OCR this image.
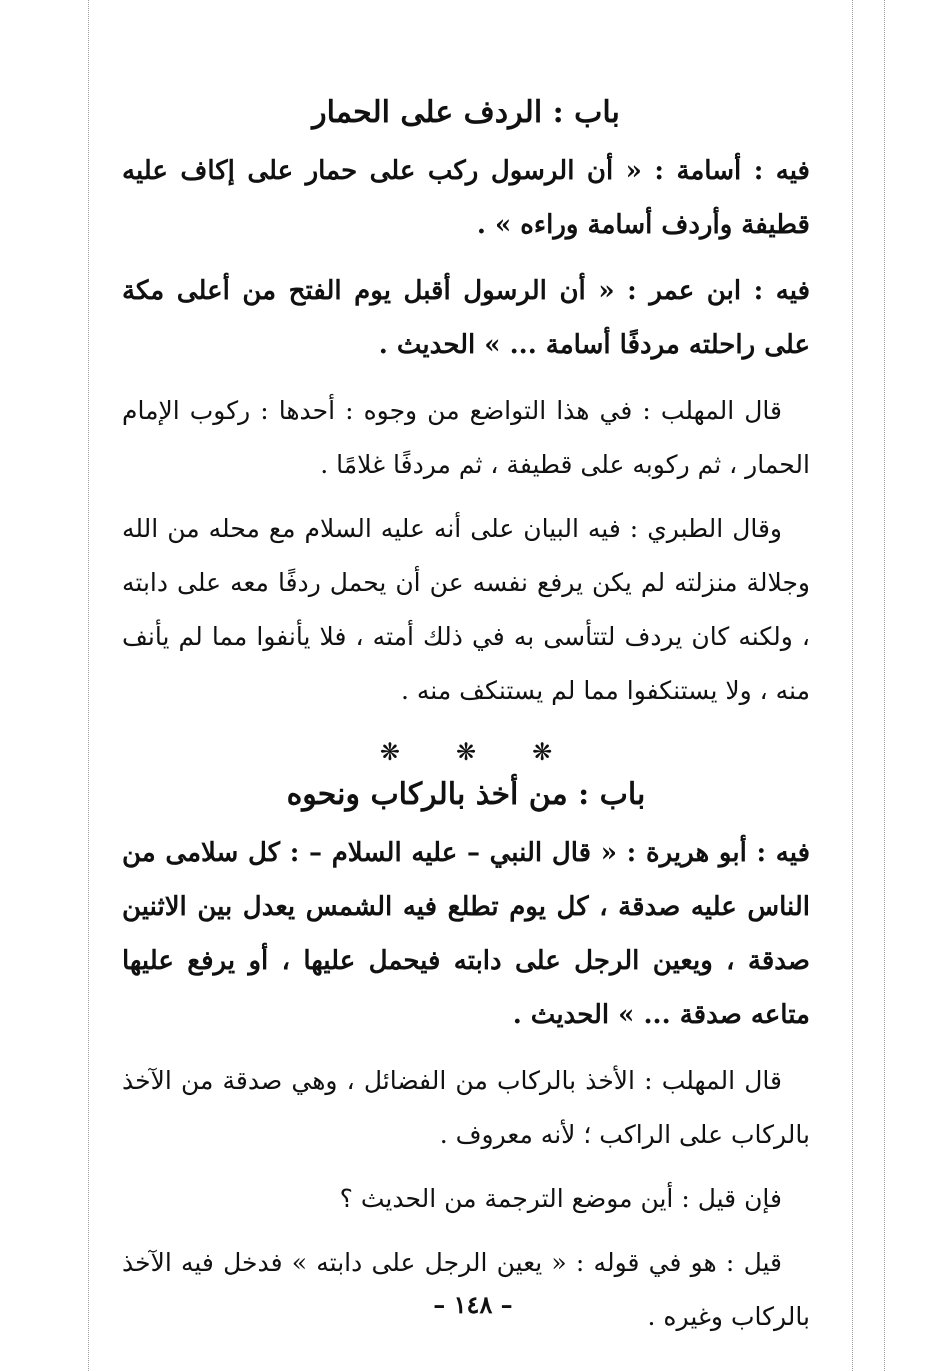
باب : الردف على الحمار

فيه : أسامة : « أن الرسول ركب على حمار على إكاف عليه قطيفة وأردف أسامة وراءه » .

فيه : ابن عمر : « أن الرسول أقبل يوم الفتح من أعلى مكة على راحلته مردفًا أسامة ... » الحديث .

قال المهلب : في هذا التواضع من وجوه : أحدها : ركوب الإمام الحمار ، ثم ركوبه على قطيفة ، ثم مردفًا غلامًا .

وقال الطبري : فيه البيان على أنه عليه السلام مع محله من الله وجلالة منزلته لم يكن يرفع نفسه عن أن يحمل ردفًا معه على دابته ، ولكنه كان يردف لتتأسى به في ذلك أمته ، فلا يأنفوا مما لم يأنف منه ، ولا يستنكفوا مما لم يستنكف منه .

❋
❋
❋
باب : من أخذ بالركاب ونحوه

فيه : أبو هريرة : « قال النبي – عليه السلام – : كل سلامى من الناس عليه صدقة ، كل يوم تطلع فيه الشمس يعدل بين الاثنين صدقة ، ويعين الرجل على دابته فيحمل عليها ، أو يرفع عليها متاعه صدقة ... » الحديث .

قال المهلب : الأخذ بالركاب من الفضائل ، وهي صدقة من الآخذ بالركاب على الراكب ؛ لأنه معروف .

فإن قيل : أين موضع الترجمة من الحديث ؟

قيل : هو في قوله : « يعين الرجل على دابته » فدخل فيه الآخذ بالركاب وغيره .

– ١٤٨ –
